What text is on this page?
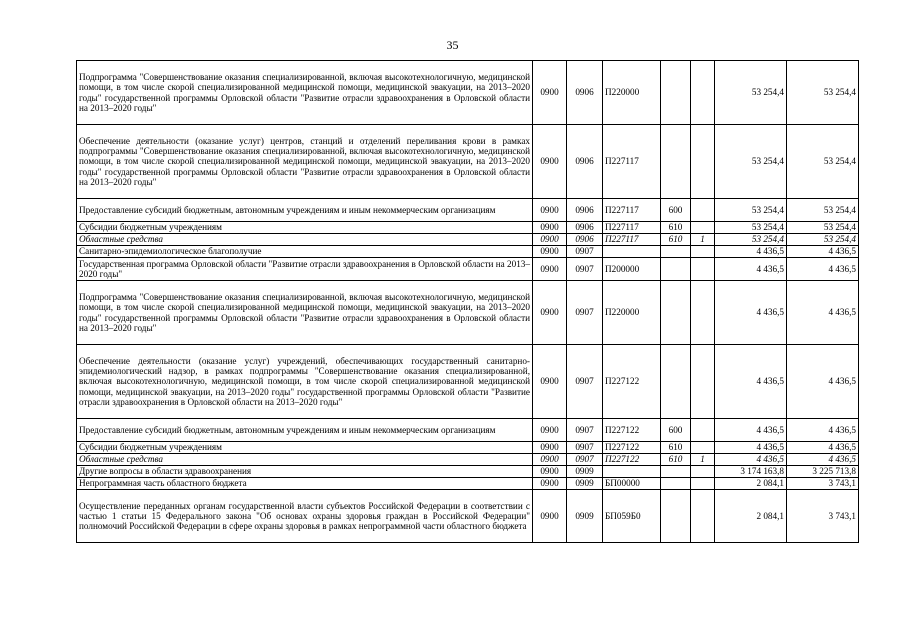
35
Подпрограмма "Совершенствование оказания специализированной, включая высокотехнологичную, медицинской помощи, в том числе скорой специализированной медицинской помощи, медицинской эвакуации, на 2013–2020 годы" государственной программы Орловской области "Развитие отрасли здравоохранения в Орловской области на 2013–2020 годы"	0900	0906	П220000			53 254,4	53 254,4
Обеспечение деятельности (оказание услуг) центров, станций и отделений переливания крови в рамках подпрограммы "Совершенствование оказания специализированной, включая высокотехнологичную, медицинской помощи, в том числе скорой специализированной медицинской помощи, медицинской эвакуации, на 2013–2020 годы" государственной программы Орловской области "Развитие отрасли здравоохранения в Орловской области на 2013–2020 годы"	0900	0906	П227117			53 254,4	53 254,4
Предоставление субсидий бюджетным, автономным учреждениям и иным некоммерческим организациям	0900	0906	П227117	600		53 254,4	53 254,4
Субсидии бюджетным учреждениям	0900	0906	П227117	610		53 254,4	53 254,4
Областные средства	0900	0906	П227117	610	1	53 254,4	53 254,4
Санитарно-эпидемиологическое благополучие	0900	0907				4 436,5	4 436,5
Государственная программа Орловской области "Развитие отрасли здравоохранения в Орловской области на 2013–2020 годы"	0900	0907	П200000			4 436,5	4 436,5
Подпрограмма "Совершенствование оказания специализированной, включая высокотехнологичную, медицинской помощи, в том числе скорой специализированной медицинской помощи, медицинской эвакуации, на 2013–2020 годы" государственной программы Орловской области "Развитие отрасли здравоохранения в Орловской области на 2013–2020 годы"	0900	0907	П220000			4 436,5	4 436,5
Обеспечение деятельности (оказание услуг) учреждений, обеспечивающих государственный санитарно-эпидемиологический надзор, в рамках подпрограммы "Совершенствование оказания специализированной, включая высокотехнологичную, медицинской помощи, в том числе скорой специализированной медицинской помощи, медицинской эвакуации, на 2013–2020 годы" государственной программы Орловской области "Развитие отрасли здравоохранения в Орловской области на 2013–2020 годы"	0900	0907	П227122			4 436,5	4 436,5
Предоставление субсидий бюджетным, автономным учреждениям и иным некоммерческим организациям	0900	0907	П227122	600		4 436,5	4 436,5
Субсидии бюджетным учреждениям	0900	0907	П227122	610		4 436,5	4 436,5
Областные средства	0900	0907	П227122	610	1	4 436,5	4 436,5
Другие вопросы в области здравоохранения	0900	0909				3 174 163,8	3 225 713,8
Непрограммная часть областного бюджета	0900	0909	БП00000			2 084,1	3 743,1
Осуществление переданных органам государственной власти субъектов Российской Федерации в соответствии с частью 1 статьи 15 Федерального закона "Об основах охраны здоровья граждан в Российской Федерации" полномочий Российской Федерации в сфере охраны здоровья в рамках непрограммной части областного бюджета	0900	0909	БП059Б0			2 084,1	3 743,1
